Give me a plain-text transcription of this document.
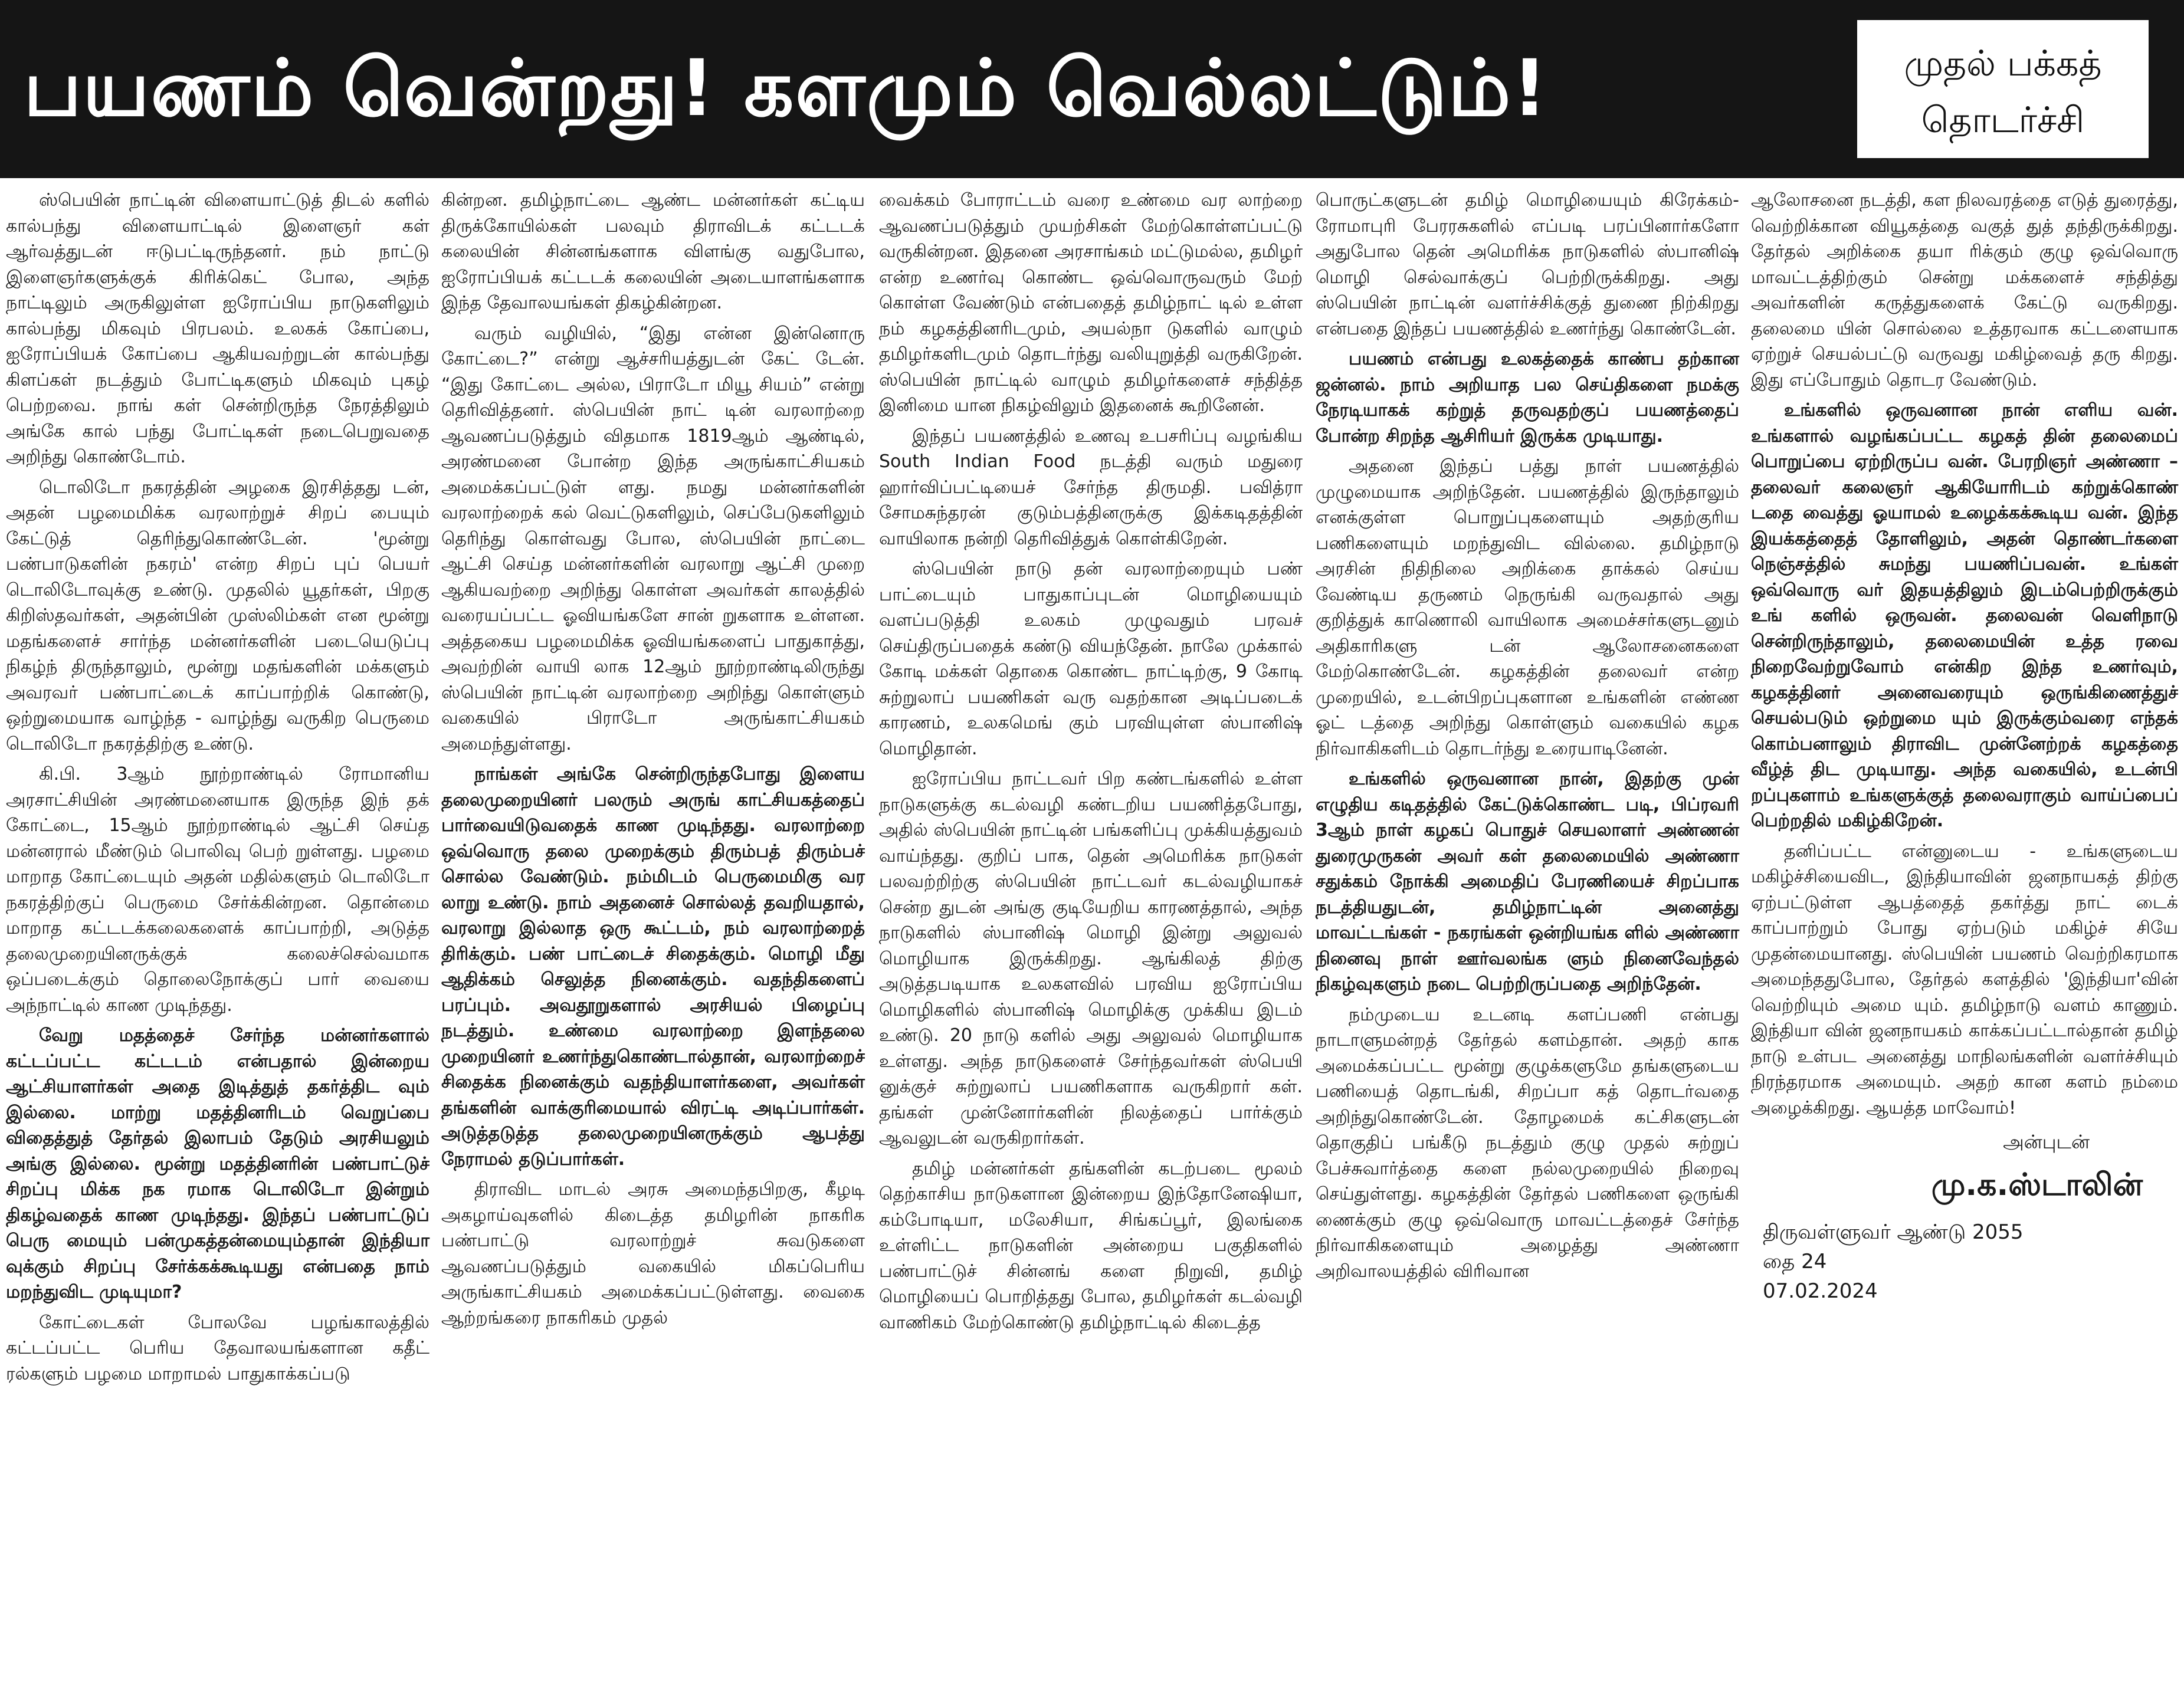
பயணம் வென்றது! களமும் வெல்லட்டும்!	முதல் பக்கத்
தொடர்ச்சி

ஸ்பெயின் நாட்டின் விளையாட்டுத் திடல் களில் கால்பந்து விளையாட்டில் இளைஞர் கள் ஆர்வத்துடன் ஈடுபட்டிருந்தனர். நம் நாட்டு இளைஞர்களுக்குக் கிரிக்கெட் போல, அந்த நாட்டிலும் அருகிலுள்ள ஐரோப்பிய நாடுகளிலும் கால்பந்து மிகவும் பிரபலம். உலகக் கோப்பை, ஐரோப்பியக் கோப்பை ஆகியவற்றுடன் கால்பந்து கிளப்கள் நடத்தும் போட்டிகளும் மிகவும் புகழ் பெற்றவை. நாங் கள் சென்றிருந்த நேரத்திலும் அங்கே கால் பந்து போட்டிகள் நடைபெறுவதை அறிந்து கொண்டோம்.

டொலிடோ நகரத்தின் அழகை இரசித்தது டன், அதன் பழமைமிக்க வரலாற்றுச் சிறப் பையும் கேட்டுத் தெரிந்துகொண்டேன். 'மூன்று பண்பாடுகளின் நகரம்' என்ற சிறப் புப் பெயர் டொலிடோவுக்கு உண்டு. முதலில் யூதர்கள், பிறகு கிறிஸ்தவர்கள், அதன்பின் முஸ்லிம்கள் என மூன்று மதங்களைச் சார்ந்த மன்னர்களின் படையெடுப்பு நிகழ்ந் திருந்தாலும், மூன்று மதங்களின் மக்களும் அவரவர் பண்பாட்டைக் காப்பாற்றிக் கொண்டு, ஒற்றுமையாக வாழ்ந்த - வாழ்ந்து வருகிற பெருமை டொலிடோ நகரத்திற்கு உண்டு.

கி.பி. 3ஆம் நூற்றாண்டில் ரோமானிய அரசாட்சியின் அரண்மனையாக இருந்த இந் தக் கோட்டை, 15ஆம் நூற்றாண்டில் ஆட்சி செய்த மன்னரால் மீண்டும் பொலிவு பெற் றுள்ளது. பழமை மாறாத கோட்டையும் அதன் மதில்களும் டொலிடோ நகரத்திற்குப் பெருமை சேர்க்கின்றன. தொன்மை மாறாத கட்டடக்கலைகளைக் காப்பாற்றி, அடுத்த தலைமுறையினருக்குக் கலைச்செல்வமாக ஒப்படைக்கும் தொலைநோக்குப் பார் வையை அந்நாட்டில் காண முடிந்தது.

வேறு மதத்தைச் சேர்ந்த மன்னர்களால் கட்டப்பட்ட கட்டடம் என்பதால் இன்றைய ஆட்சியாளர்கள் அதை இடித்துத் தகர்த்திட வும் இல்லை. மாற்று மதத்தினரிடம் வெறுப்பை விதைத்துத் தேர்தல் இலாபம் தேடும் அரசியலும் அங்கு இல்லை. மூன்று மதத்தினரின் பண்பாட்டுச் சிறப்பு மிக்க நக ரமாக டொலிடோ இன்றும் திகழ்வதைக் காண முடிந்தது. இந்தப் பண்பாட்டுப் பெரு மையும் பன்முகத்தன்மையும்தான் இந்தியா வுக்கும் சிறப்பு சேர்க்கக்கூடியது என்பதை நாம் மறந்துவிட முடியுமா?

கோட்டைகள் போலவே பழங்காலத்தில் கட்டப்பட்ட பெரிய தேவாலயங்களான கதீட் ரல்களும் பழமை மாறாமல் பாதுகாக்கப்படு

கின்றன. தமிழ்நாட்டை ஆண்ட மன்னர்கள் கட்டிய திருக்கோயில்கள் பலவும் திராவிடக் கட்டடக் கலையின் சின்னங்களாக விளங்கு வதுபோல, ஐரோப்பியக் கட்டடக் கலையின் அடையாளங்களாக இந்த தேவாலயங்கள் திகழ்கின்றன.

வரும் வழியில், “இது என்ன இன்னொரு கோட்டை?” என்று ஆச்சரியத்துடன் கேட் டேன். “இது கோட்டை அல்ல, பிராடோ மியூ சியம்” என்று தெரிவித்தனர். ஸ்பெயின் நாட் டின் வரலாற்றை ஆவணப்படுத்தும் விதமாக 1819ஆம் ஆண்டில், அரண்மனை போன்ற இந்த அருங்காட்சியகம் அமைக்கப்பட்டுள் ளது. நமது மன்னர்களின் வரலாற்றைக் கல் வெட்டுகளிலும், செப்பேடுகளிலும் தெரிந்து கொள்வது போல, ஸ்பெயின் நாட்டை ஆட்சி செய்த மன்னர்களின் வரலாறு ஆட்சி முறை ஆகியவற்றை அறிந்து கொள்ள அவர்கள் காலத்தில் வரையப்பட்ட ஓவியங்களே சான் றுகளாக உள்ளன. அத்தகைய பழமைமிக்க ஓவியங்களைப் பாதுகாத்து, அவற்றின் வாயி லாக 12ஆம் நூற்றாண்டிலிருந்து ஸ்பெயின் நாட்டின் வரலாற்றை அறிந்து கொள்ளும் வகையில் பிராடோ அருங்காட்சியகம் அமைந்துள்ளது.

நாங்கள் அங்கே சென்றிருந்தபோது இளைய தலைமுறையினர் பலரும் அருங் காட்சியகத்தைப் பார்வையிடுவதைக் காண முடிந்தது. வரலாற்றை ஒவ்வொரு தலை முறைக்கும் திரும்பத் திரும்பச் சொல்ல வேண்டும். நம்மிடம் பெருமைமிகு வர லாறு உண்டு. நாம் அதனைச் சொல்லத் தவறியதால், வரலாறு இல்லாத ஒரு கூட்டம், நம் வரலாற்றைத் திரிக்கும். பண் பாட்டைச் சிதைக்கும். மொழி மீது ஆதிக்கம் செலுத்த நினைக்கும். வதந்திகளைப் பரப்பும். அவதூறுகளால் அரசியல் பிழைப்பு நடத்தும். உண்மை வரலாற்றை இளந்தலை முறையினர் உணர்ந்துகொண்டால்தான், வரலாற்றைச் சிதைக்க நினைக்கும் வதந்தியாளர்களை, அவர்கள் தங்களின் வாக்குரிமையால் விரட்டி அடிப்பார்கள். அடுத்தடுத்த தலைமுறையினருக்கும் ஆபத்து நேராமல் தடுப்பார்கள்.

திராவிட மாடல் அரசு அமைந்தபிறகு, கீழடி அகழாய்வுகளில் கிடைத்த தமிழரின் நாகரிக பண்பாட்டு வரலாற்றுச் சுவடுகளை ஆவணப்படுத்தும் வகையில் மிகப்பெரிய அருங்காட்சியகம் அமைக்கப்பட்டுள்ளது. வைகை ஆற்றங்கரை நாகரிகம் முதல்

வைக்கம் போராட்டம் வரை உண்மை வர லாற்றை ஆவணப்படுத்தும் முயற்சிகள் மேற்கொள்ளப்பட்டு வருகின்றன. இதனை அரசாங்கம் மட்டுமல்ல, தமிழர் என்ற உணர்வு கொண்ட ஒவ்வொருவரும் மேற் கொள்ள வேண்டும் என்பதைத் தமிழ்நாட் டில் உள்ள நம் கழகத்தினரிடமும், அயல்நா டுகளில் வாழும் தமிழர்களிடமும் தொடர்ந்து வலியுறுத்தி வருகிறேன். ஸ்பெயின் நாட்டில் வாழும் தமிழர்களைச் சந்தித்த இனிமை யான நிகழ்விலும் இதனைக் கூறினேன்.

இந்தப் பயணத்தில் உணவு உபசரிப்பு வழங்கிய South Indian Food நடத்தி வரும் மதுரை ஹார்விப்பட்டியைச் சேர்ந்த திருமதி. பவித்ரா சோமசுந்தரன் குடும்பத்தினருக்கு இக்கடிதத்தின் வாயிலாக நன்றி தெரிவித்துக் கொள்கிறேன்.

ஸ்பெயின் நாடு தன் வரலாற்றையும் பண் பாட்டையும் பாதுகாப்புடன் மொழியையும் வளப்படுத்தி உலகம் முழுவதும் பரவச் செய்திருப்பதைக் கண்டு வியந்தேன். நாலே முக்கால் கோடி மக்கள் தொகை கொண்ட நாட்டிற்கு, 9 கோடி சுற்றுலாப் பயணிகள் வரு வதற்கான அடிப்படைக் காரணம், உலகமெங் கும் பரவியுள்ள ஸ்பானிஷ் மொழிதான்.

ஐரோப்பிய நாட்டவர் பிற கண்டங்களில் உள்ள நாடுகளுக்கு கடல்வழி கண்டறிய பயணித்தபோது, அதில் ஸ்பெயின் நாட்டின் பங்களிப்பு முக்கியத்துவம் வாய்ந்தது. குறிப் பாக, தென் அமெரிக்க நாடுகள் பலவற்றிற்கு ஸ்பெயின் நாட்டவர் கடல்வழியாகச் சென்ற துடன் அங்கு குடியேறிய காரணத்தால், அந்த நாடுகளில் ஸ்பானிஷ் மொழி இன்று அலுவல் மொழியாக இருக்கிறது. ஆங்கிலத் திற்கு அடுத்தபடியாக உலகளவில் பரவிய ஐரோப்பிய மொழிகளில் ஸ்பானிஷ் மொழிக்கு முக்கிய இடம் உண்டு. 20 நாடு களில் அது அலுவல் மொழியாக உள்ளது. அந்த நாடுகளைச் சேர்ந்தவர்கள் ஸ்பெயி னுக்குச் சுற்றுலாப் பயணிகளாக வருகிறார் கள். தங்கள் முன்னோர்களின் நிலத்தைப் பார்க்கும் ஆவலுடன் வருகிறார்கள்.

தமிழ் மன்னர்கள் தங்களின் கடற்படை மூலம் தெற்காசிய நாடுகளான இன்றைய இந்தோனேஷியா, கம்போடியா, மலேசியா, சிங்கப்பூர், இலங்கை உள்ளிட்ட நாடுகளின் அன்றைய பகுதிகளில் பண்பாட்டுச் சின்னங் களை நிறுவி, தமிழ் மொழியைப் பொறித்தது போல, தமிழர்கள் கடல்வழி வாணிகம் மேற்கொண்டு தமிழ்நாட்டில் கிடைத்த

பொருட்களுடன் தமிழ் மொழியையும் கிரேக்கம்-ரோமாபுரி பேரரசுகளில் எப்படி பரப்பினார்களோ அதுபோல தென் அமெரிக்க நாடுகளில் ஸ்பானிஷ் மொழி செல்வாக்குப் பெற்றிருக்கிறது. அது ஸ்பெயின் நாட்டின் வளர்ச்சிக்குத் துணை நிற்கிறது என்பதை இந்தப் பயணத்தில் உணர்ந்து கொண்டேன்.

பயணம் என்பது உலகத்தைக் காண்ப தற்கான ஜன்னல். நாம் அறியாத பல செய்திகளை நமக்கு நேரடியாகக் கற்றுத் தருவதற்குப் பயணத்தைப் போன்ற சிறந்த ஆசிரியர் இருக்க முடியாது.

அதனை இந்தப் பத்து நாள் பயணத்தில் முழுமையாக அறிந்தேன். பயணத்தில் இருந்தாலும் எனக்குள்ள பொறுப்புகளையும் அதற்குரிய பணிகளையும் மறந்துவிட வில்லை. தமிழ்நாடு அரசின் நிதிநிலை அறிக்கை தாக்கல் செய்ய வேண்டிய தருணம் நெருங்கி வருவதால் அது குறித்துக் காணொலி வாயிலாக அமைச்சர்களுடனும் அதிகாரிகளு டன் ஆலோசனைகளை மேற்கொண்டேன். கழகத்தின் தலைவர் என்ற முறையில், உடன்பிறப்புகளான உங்களின் எண்ண ஓட் டத்தை அறிந்து கொள்ளும் வகையில் கழக நிர்வாகிகளிடம் தொடர்ந்து உரையாடினேன்.

உங்களில் ஒருவனான நான், இதற்கு முன் எழுதிய கடிதத்தில் கேட்டுக்கொண்ட படி, பிப்ரவரி 3ஆம் நாள் கழகப் பொதுச் செயலாளர் அண்ணன் துரைமுருகன் அவர் கள் தலைமையில் அண்ணா சதுக்கம் நோக்கி அமைதிப் பேரணியைச் சிறப்பாக நடத்தியதுடன், தமிழ்நாட்டின் அனைத்து மாவட்டங்கள் - நகரங்கள் ஒன்றியங்க ளில் அண்ணா நினைவு நாள் ஊர்வலங்க ளும் நினைவேந்தல் நிகழ்வுகளும் நடை பெற்றிருப்பதை அறிந்தேன்.

நம்முடைய உடனடி களப்பணி என்பது நாடாளுமன்றத் தேர்தல் களம்தான். அதற் காக அமைக்கப்பட்ட மூன்று குழுக்களுமே தங்களுடைய பணியைத் தொடங்கி, சிறப்பா கத் தொடர்வதை அறிந்துகொண்டேன். தோழமைக் கட்சிகளுடன் தொகுதிப் பங்கீடு நடத்தும் குழு முதல் சுற்றுப் பேச்சுவார்த்தை களை நல்லமுறையில் நிறைவு செய்துள்ளது. கழகத்தின் தேர்தல் பணிகளை ஒருங்கி ணைக்கும் குழு ஒவ்வொரு மாவட்டத்தைச் சேர்ந்த நிர்வாகிகளையும் அழைத்து அண்ணா அறிவாலயத்தில் விரிவான

ஆலோசனை நடத்தி, கள நிலவரத்தை எடுத் துரைத்து, வெற்றிக்கான வியூகத்தை வகுத் துத் தந்திருக்கிறது. தேர்தல் அறிக்கை தயா ரிக்கும் குழு ஒவ்வொரு மாவட்டத்திற்கும் சென்று மக்களைச் சந்தித்து அவர்களின் கருத்துகளைக் கேட்டு வருகிறது. தலைமை யின் சொல்லை உத்தரவாக கட்டளையாக ஏற்றுச் செயல்பட்டு வருவது மகிழ்வைத் தரு கிறது. இது எப்போதும் தொடர வேண்டும்.

உங்களில் ஒருவனான நான் எளிய வன். உங்களால் வழங்கப்பட்ட கழகத் தின் தலைமைப் பொறுப்பை ஏற்றிருப்ப வன். பேரறிஞர் அண்ணா – தலைவர் கலைஞர் ஆகியோரிடம் கற்றுக்கொண் டதை வைத்து ஓயாமல் உழைக்கக்கூடிய வன். இந்த இயக்கத்தைத் தோளிலும், அதன் தொண்டர்களை நெஞ்சத்தில் சுமந்து பயணிப்பவன். உங்கள் ஒவ்வொரு வர் இதயத்திலும் இடம்பெற்றிருக்கும் உங் களில் ஒருவன். தலைவன் வெளிநாடு சென்றிருந்தாலும், தலைமையின் உத்த ரவை நிறைவேற்றுவோம் என்கிற இந்த உணர்வும், கழகத்தினர் அனைவரையும் ஒருங்கிணைத்துச் செயல்படும் ஒற்றுமை யும் இருக்கும்வரை எந்தக் கொம்பனாலும் திராவிட முன்னேற்றக் கழகத்தை வீழ்த் திட முடியாது. அந்த வகையில், உடன்பி றப்புகளாம் உங்களுக்குத் தலைவராகும் வாய்ப்பைப் பெற்றதில் மகிழ்கிறேன்.

தனிப்பட்ட என்னுடைய - உங்களுடைய மகிழ்ச்சியைவிட, இந்தியாவின் ஜனநாயகத் திற்கு ஏற்பட்டுள்ள ஆபத்தைத் தகர்த்து நாட் டைக் காப்பாற்றும் போது ஏற்படும் மகிழ்ச் சியே முதன்மையானது. ஸ்பெயின் பயணம் வெற்றிகரமாக அமைந்ததுபோல, தேர்தல் களத்தில் 'இந்தியா'வின் வெற்றியும் அமை யும். தமிழ்நாடு வளம் காணும். இந்தியா வின் ஜனநாயகம் காக்கப்பட்டால்தான் தமிழ் நாடு உள்பட அனைத்து மாநிலங்களின் வளர்ச்சியும் நிரந்தரமாக அமையும். அதற் கான களம் நம்மை அழைக்கிறது. ஆயத்த மாவோம்!

அன்புடன்

மு.க.ஸ்டாலின்

திருவள்ளுவர் ஆண்டு 2055
தை 24
07.02.2024
